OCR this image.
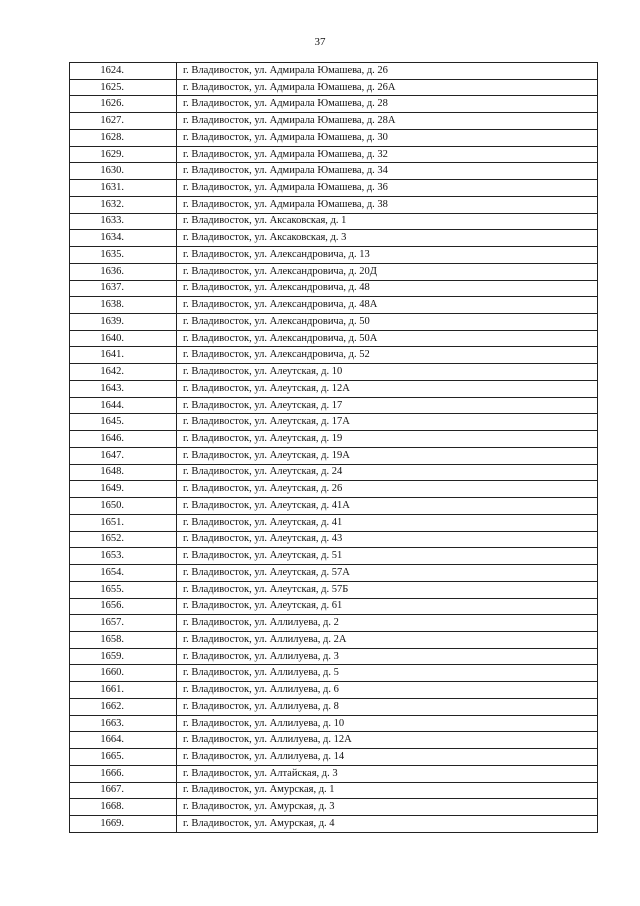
37
1624.	г. Владивосток, ул. Адмирала Юмашева, д. 26
1625.	г. Владивосток, ул. Адмирала Юмашева, д. 26А
1626.	г. Владивосток, ул. Адмирала Юмашева, д. 28
1627.	г. Владивосток, ул. Адмирала Юмашева, д. 28А
1628.	г. Владивосток, ул. Адмирала Юмашева, д. 30
1629.	г. Владивосток, ул. Адмирала Юмашева, д. 32
1630.	г. Владивосток, ул. Адмирала Юмашева, д. 34
1631.	г. Владивосток, ул. Адмирала Юмашева, д. 36
1632.	г. Владивосток, ул. Адмирала Юмашева, д. 38
1633.	г. Владивосток, ул. Аксаковская, д. 1
1634.	г. Владивосток, ул. Аксаковская, д. 3
1635.	г. Владивосток, ул. Александровича, д. 13
1636.	г. Владивосток, ул. Александровича, д. 20Д
1637.	г. Владивосток, ул. Александровича, д. 48
1638.	г. Владивосток, ул. Александровича, д. 48А
1639.	г. Владивосток, ул. Александровича, д. 50
1640.	г. Владивосток, ул. Александровича, д. 50А
1641.	г. Владивосток, ул. Александровича, д. 52
1642.	г. Владивосток, ул. Алеутская, д. 10
1643.	г. Владивосток, ул. Алеутская, д. 12А
1644.	г. Владивосток, ул. Алеутская, д. 17
1645.	г. Владивосток, ул. Алеутская, д. 17А
1646.	г. Владивосток, ул. Алеутская, д. 19
1647.	г. Владивосток, ул. Алеутская, д. 19А
1648.	г. Владивосток, ул. Алеутская, д. 24
1649.	г. Владивосток, ул. Алеутская, д. 26
1650.	г. Владивосток, ул. Алеутская, д. 41А
1651.	г. Владивосток, ул. Алеутская, д. 41
1652.	г. Владивосток, ул. Алеутская, д. 43
1653.	г. Владивосток, ул. Алеутская, д. 51
1654.	г. Владивосток, ул. Алеутская, д. 57А
1655.	г. Владивосток, ул. Алеутская, д. 57Б
1656.	г. Владивосток, ул. Алеутская, д. 61
1657.	г. Владивосток, ул. Аллилуева, д. 2
1658.	г. Владивосток, ул. Аллилуева, д. 2А
1659.	г. Владивосток, ул. Аллилуева, д. 3
1660.	г. Владивосток, ул. Аллилуева, д. 5
1661.	г. Владивосток, ул. Аллилуева, д. 6
1662.	г. Владивосток, ул. Аллилуева, д. 8
1663.	г. Владивосток, ул. Аллилуева, д. 10
1664.	г. Владивосток, ул. Аллилуева, д. 12А
1665.	г. Владивосток, ул. Аллилуева, д. 14
1666.	г. Владивосток, ул. Алтайская, д. 3
1667.	г. Владивосток, ул. Амурская, д. 1
1668.	г. Владивосток, ул. Амурская, д. 3
1669.	г. Владивосток, ул. Амурская, д. 4
